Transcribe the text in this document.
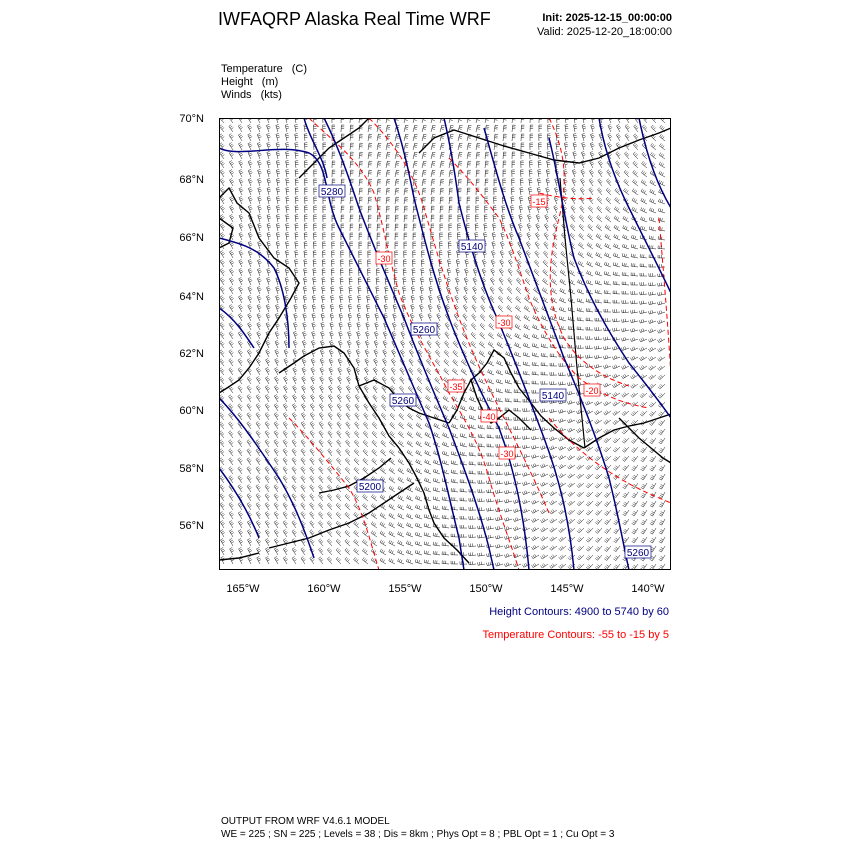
IWFAQRP Alaska Real Time WRF	Init: 2025-12-15_00:00:00
Valid: 2025-12-20_18:00:00
Temperature (C)
Height (m)
Winds (kts)
70°N
68°N
66°N
64°N
62°N
60°N
58°N
56°N
165°W	160°W	155°W	150°W	145°W	140°W
5280
5140
5260
5260	5140
5200
5260
-15
-30
-30
-35
-40
-30
-20
Height Contours: 4900 to 5740 by 60
Temperature Contours: -55 to -15 by 5
OUTPUT FROM WRF V4.6.1 MODEL
WE = 225 ; SN = 225 ; Levels = 38 ; Dis = 8km ; Phys Opt = 8 ; PBL Opt = 1 ; Cu Opt = 3
